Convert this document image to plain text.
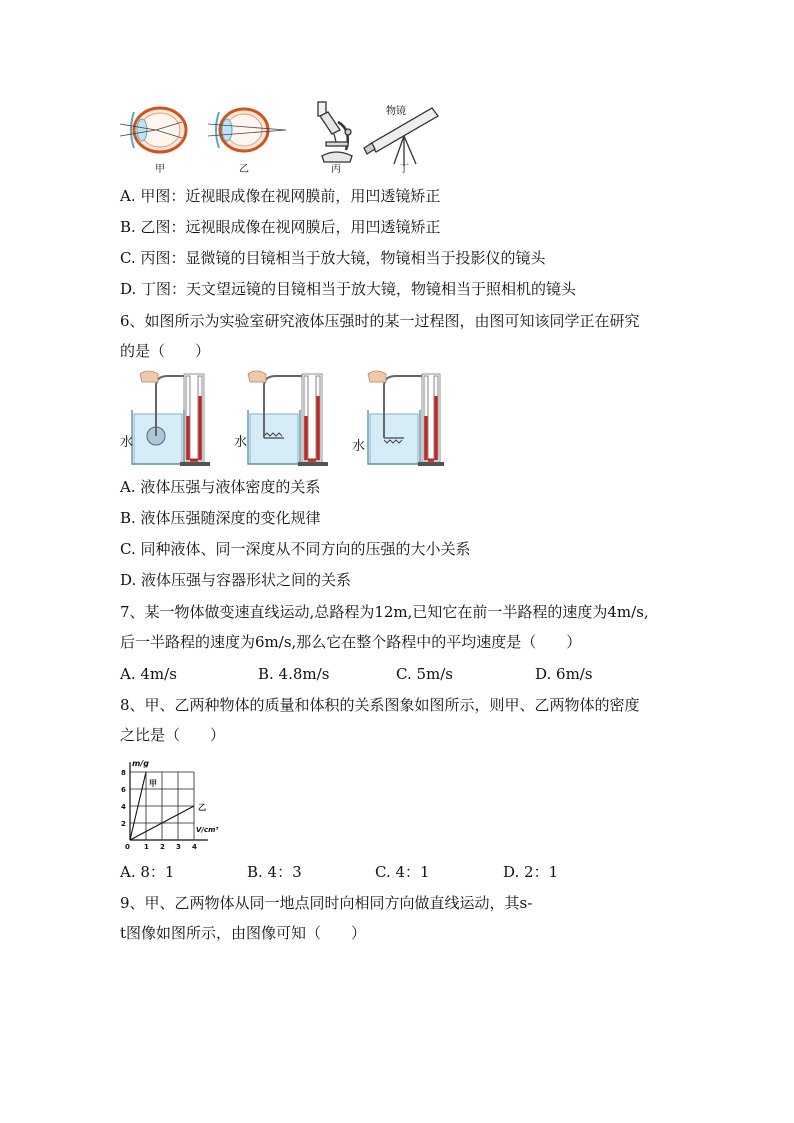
物镜
甲	乙	丙	丁
A. 甲图：近视眼成像在视网膜前，用凹透镜矫正
B. 乙图：远视眼成像在视网膜后，用凹透镜矫正
C. 丙图：显微镜的目镜相当于放大镜，物镜相当于投影仪的镜头
D. 丁图：天文望远镜的目镜相当于放大镜，物镜相当于照相机的镜头
6、如图所示为实验室研究液体压强时的某一过程图，由图可知该同学正在研究
的是（　　）
水	水	水
A. 液体压强与液体密度的关系
B. 液体压强随深度的变化规律
C. 同种液体、同一深度从不同方向的压强的大小关系
D. 液体压强与容器形状之间的关系
7、某一物体做变速直线运动,总路程为12m,已知它在前一半路程的速度为4m/s,
后一半路程的速度为6m/s,那么它在整个路程中的平均速度是（　　）
A. 4m/s	B. 4.8m/s	C. 5m/s	D. 6m/s
8、甲、乙两种物体的质量和体积的关系图象如图所示，则甲、乙两物体的密度
之比是（　　）
m/g
V/cm³
0 1 2 3 4
2
4
6
8
甲
乙
A. 8：1	B. 4：3	C. 4：1	D. 2：1
9、甲、乙两物体从同一地点同时向相同方向做直线运动，其s-
t图像如图所示，由图像可知（　　）
